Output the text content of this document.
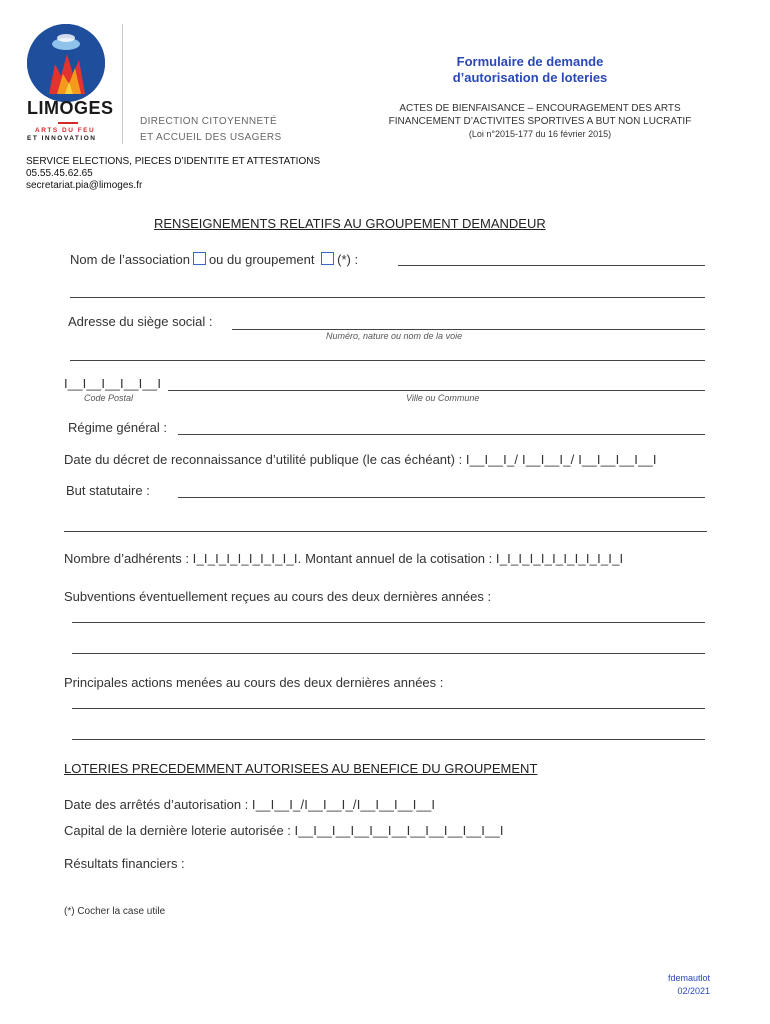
LIMOGES
ARTS DU FEU
ET INNOVATION
DIRECTION CITOYENNETÉ
ET ACCUEIL DES USAGERS
Formulaire de demande
d’autorisation de loteries
ACTES DE BIENFAISANCE – ENCOURAGEMENT DES ARTS
FINANCEMENT D’ACTIVITES SPORTIVES A BUT NON LUCRATIF
(Loi n°2015-177 du 16 février 2015)
SERVICE ELECTIONS, PIECES D’IDENTITE ET ATTESTATIONS
05.55.45.62.65
secretariat.pia@limoges.fr
RENSEIGNEMENTS RELATIFS AU GROUPEMENT DEMANDEUR
Nom de l’association ou du groupement (*) :
Adresse du siège social :
Numéro, nature ou nom de la voie
I__I__I__I__I__I
Code Postal	Ville ou Commune
Régime général :
Date du décret de reconnaissance d’utilité publique (le cas échéant) : I__I__I_/ I__I__I_/ I__I__I__I__I
But statutaire :
Nombre d’adhérents : I_I_I_I_I_I_I_I_I_I. Montant annuel de la cotisation : I_I_I_I_I_I_I_I_I_I_I_I
Subventions éventuellement reçues au cours des deux dernières années :
Principales actions menées au cours des deux dernières années :
LOTERIES PRECEDEMMENT AUTORISEES AU BENEFICE DU GROUPEMENT
Date des arrêtés d’autorisation : I__I__I_/I__I__I_/I__I__I__I__I
Capital de la dernière loterie autorisée : I__I__I__I__I__I__I__I__I__I__I__I
Résultats financiers :
(*) Cocher la case utile
fdemautlot
02/2021
